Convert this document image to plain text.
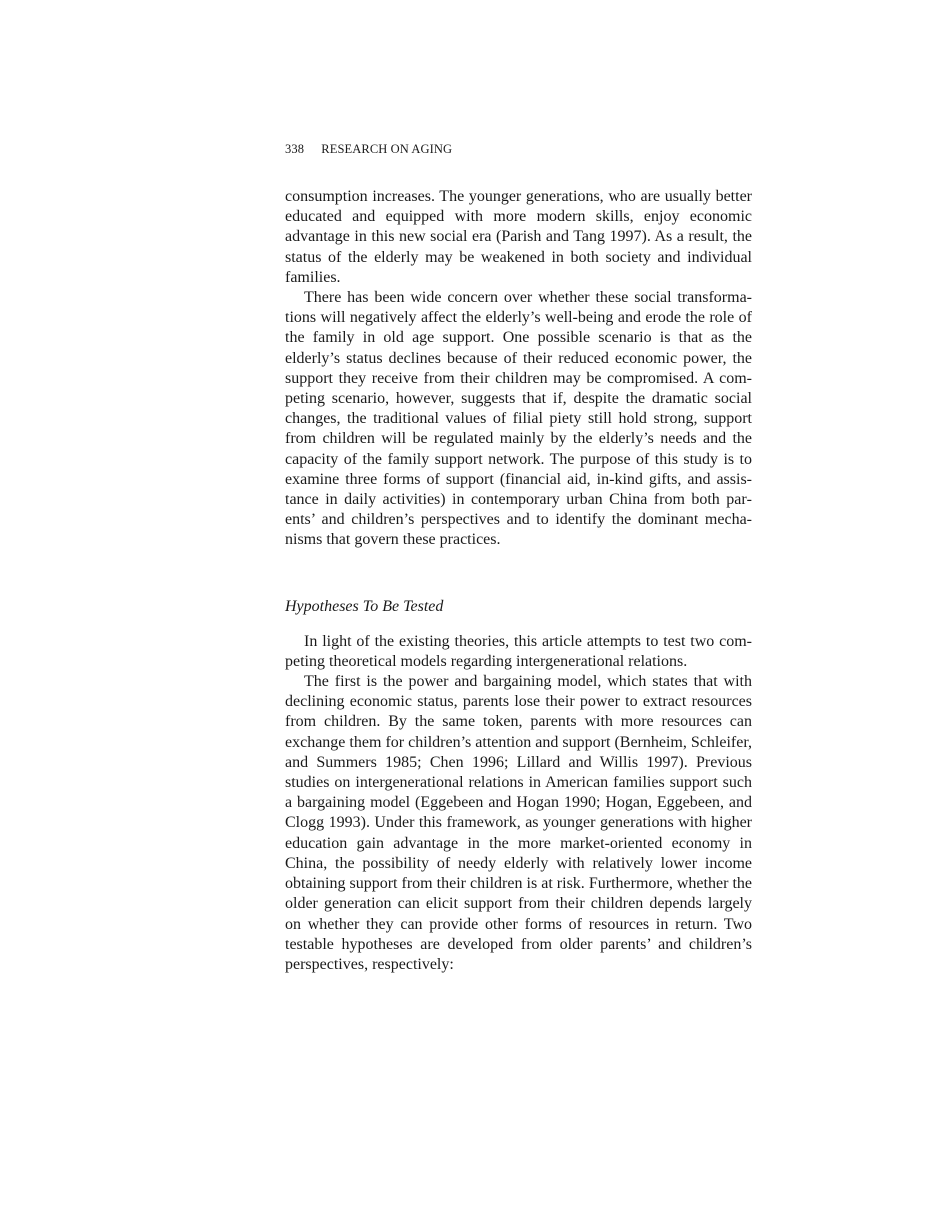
338 RESEARCH ON AGING

consumption increases. The younger generations, who are usually better educated and equipped with more modern skills, enjoy economic advantage in this new social era (Parish and Tang 1997). As a result, the status of the elderly may be weakened in both society and individual families.

There has been wide concern over whether these social transformations will negatively affect the elderly’s well-being and erode the role of the family in old age support. One possible scenario is that as the elderly’s status declines because of their reduced economic power, the support they receive from their children may be compromised. A competing scenario, however, suggests that if, despite the dramatic social changes, the traditional values of filial piety still hold strong, support from children will be regulated mainly by the elderly’s needs and the capacity of the family support network. The purpose of this study is to examine three forms of support (financial aid, in-kind gifts, and assistance in daily activities) in contemporary urban China from both parents’ and children’s perspectives and to identify the dominant mechanisms that govern these practices.

Hypotheses To Be Tested

In light of the existing theories, this article attempts to test two competing theoretical models regarding intergenerational relations.

The first is the power and bargaining model, which states that with declining economic status, parents lose their power to extract resources from children. By the same token, parents with more resources can exchange them for children’s attention and support (Bernheim, Schleifer, and Summers 1985; Chen 1996; Lillard and Willis 1997). Previous studies on intergenerational relations in American families support such a bargaining model (Eggebeen and Hogan 1990; Hogan, Eggebeen, and Clogg 1993). Under this framework, as younger generations with higher education gain advantage in the more market-oriented economy in China, the possibility of needy elderly with relatively lower income obtaining support from their children is at risk. Furthermore, whether the older generation can elicit support from their children depends largely on whether they can provide other forms of resources in return. Two testable hypotheses are developed from older parents’ and children’s perspectives, respectively:
